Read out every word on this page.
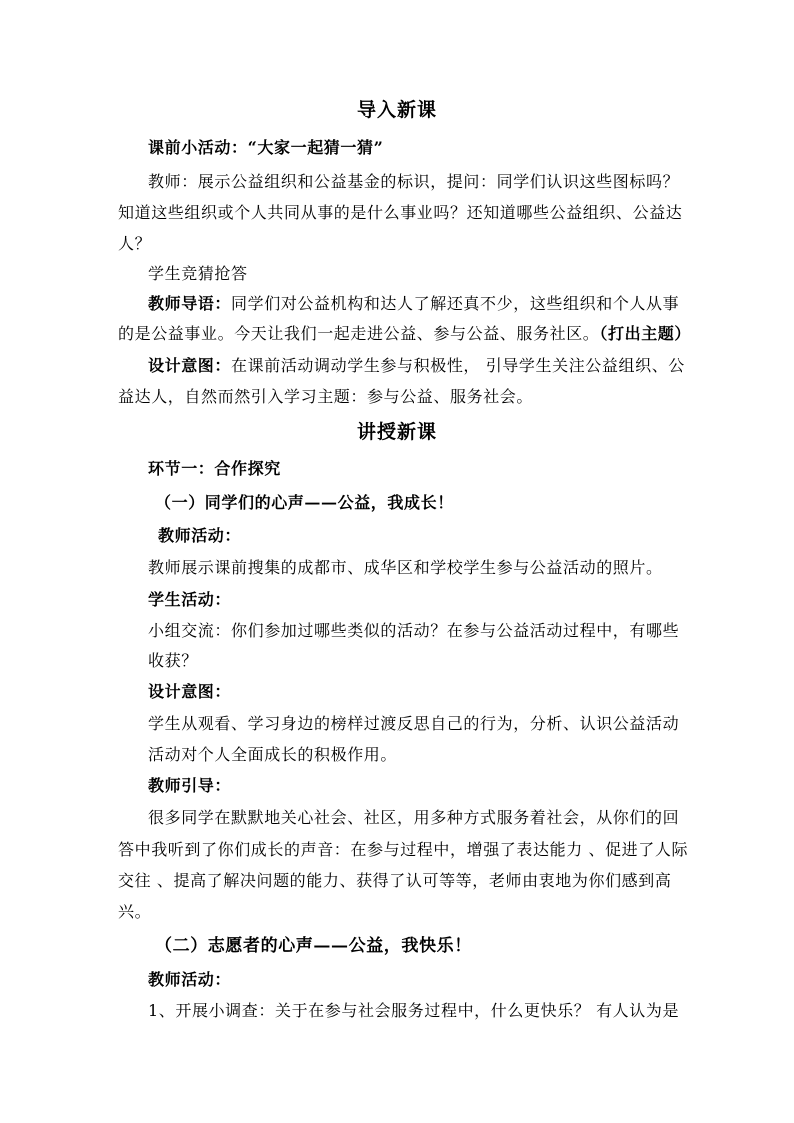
导入新课
课前小活动：“大家一起猜一猜”
教师：展示公益组织和公益基金的标识，提问：同学们认识这些图标吗？
知道这些组织或个人共同从事的是什么事业吗？还知道哪些公益组织、公益达
人？
学生竞猜抢答
教师导语：同学们对公益机构和达人了解还真不少，这些组织和个人从事
的是公益事业。今天让我们一起走进公益、参与公益、服务社区。（打出主题）
设计意图：在课前活动调动学生参与积极性， 引导学生关注公益组织、公
益达人，自然而然引入学习主题：参与公益、服务社会。
讲授新课
环节一：合作探究
（一）同学们的心声——公益，我成长！
教师活动：
教师展示课前搜集的成都市、成华区和学校学生参与公益活动的照片。
学生活动：
小组交流：你们参加过哪些类似的活动？在参与公益活动过程中，有哪些
收获？
设计意图：
学生从观看、学习身边的榜样过渡反思自己的行为，分析、认识公益活动
活动对个人全面成长的积极作用。
教师引导：
很多同学在默默地关心社会、社区，用多种方式服务着社会，从你们的回
答中我听到了你们成长的声音：在参与过程中，增强了表达能力 、促进了人际
交往 、提高了解决问题的能力、获得了认可等等，老师由衷地为你们感到高
兴。
（二）志愿者的心声——公益，我快乐！
教师活动：
1、开展小调查：关于在参与社会服务过程中，什么更快乐？ 有人认为是
